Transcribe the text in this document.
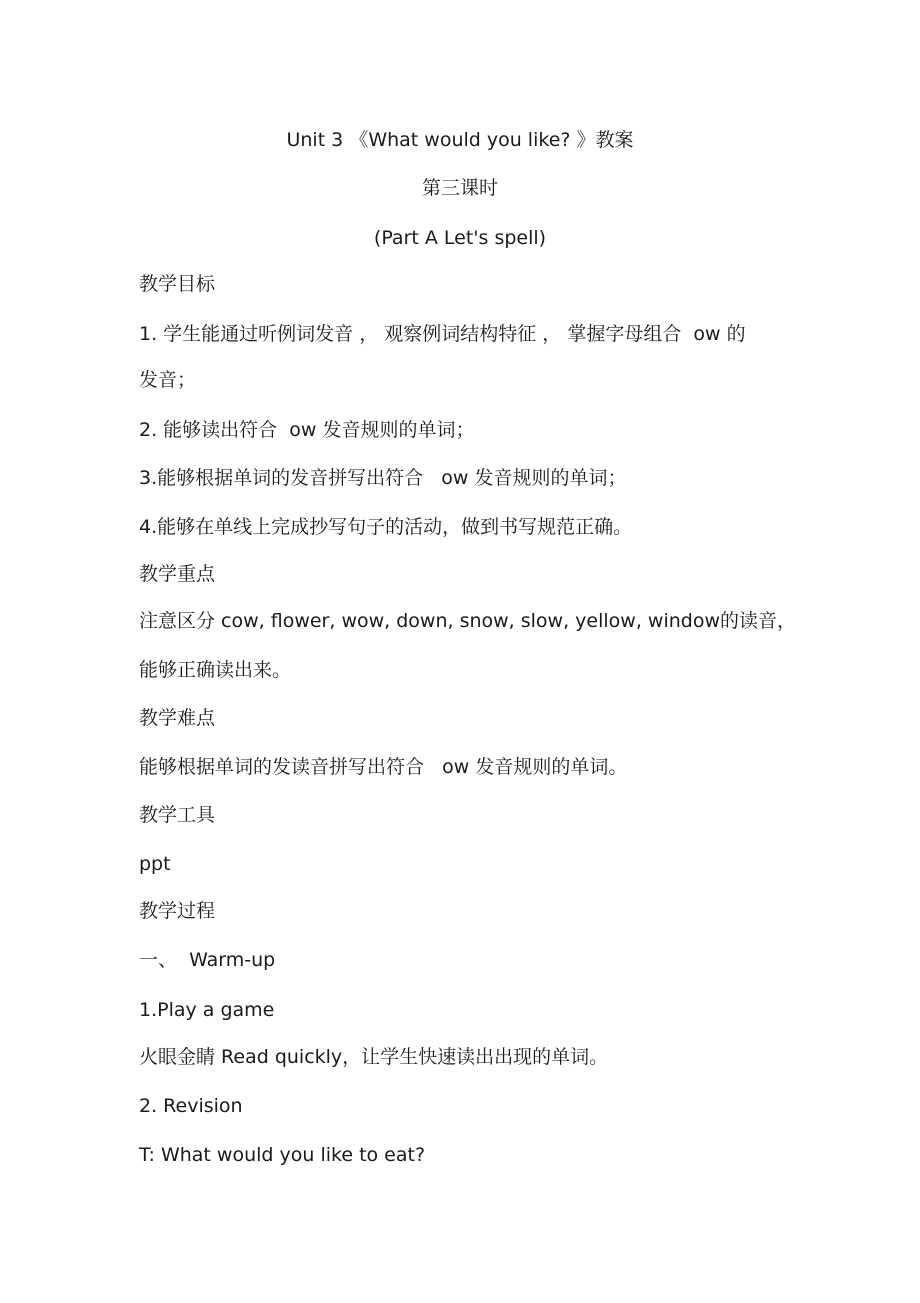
Unit 3 《What would you like? 》教案
第三课时
(Part A Let's spell)
教学目标
1. 学生能通过听例词发音 ， 观察例词结构特征 ， 掌握字母组合  ow 的
发音；
2. 能够读出符合  ow 发音规则的单词；
3.能够根据单词的发音拼写出符合   ow 发音规则的单词；
4.能够在单线上完成抄写句子的活动，做到书写规范正确。
教学重点
注意区分 cow, flower, wow, down, snow, slow, yellow, window的读音，
能够正确读出来。
教学难点
能够根据单词的发读音拼写出符合   ow 发音规则的单词。
教学工具
ppt
教学过程
一、  Warm-up
1.Play a game
火眼金睛 Read quickly，让学生快速读出出现的单词。
2. Revision
T: What would you like to eat?
